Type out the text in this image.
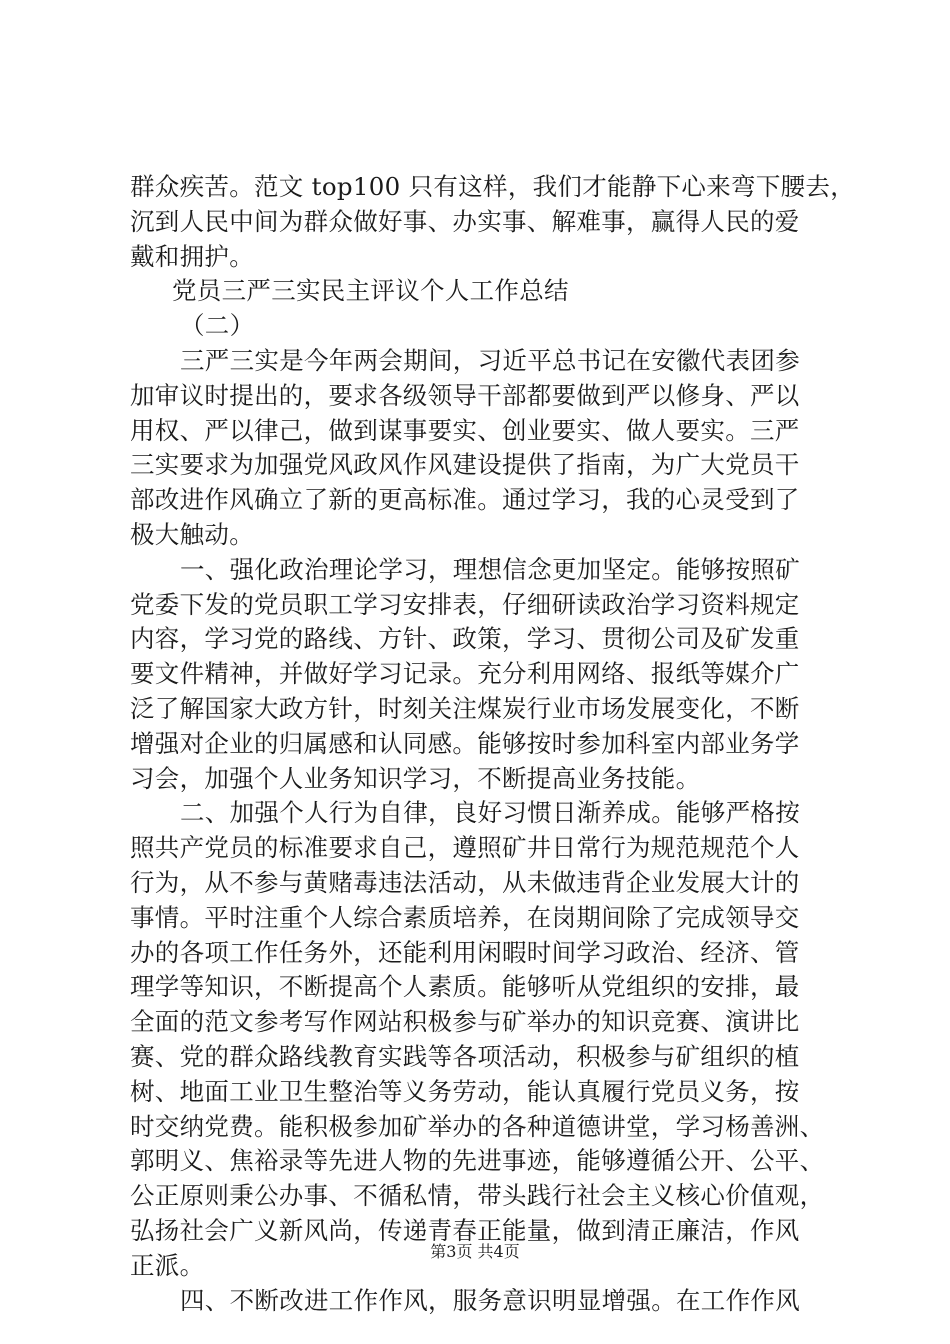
群众疾苦。范文 top100 只有这样，我们才能静下心来弯下腰去，
沉到人民中间为群众做好事、办实事、解难事，赢得人民的爱
戴和拥护。
党员三严三实民主评议个人工作总结
（二）
三严三实是今年两会期间，习近平总书记在安徽代表团参
加审议时提出的，要求各级领导干部都要做到严以修身、严以
用权、严以律己，做到谋事要实、创业要实、做人要实。三严
三实要求为加强党风政风作风建设提供了指南，为广大党员干
部改进作风确立了新的更高标准。通过学习，我的心灵受到了
极大触动。
一、强化政治理论学习，理想信念更加坚定。能够按照矿
党委下发的党员职工学习安排表，仔细研读政治学习资料规定
内容，学习党的路线、方针、政策，学习、贯彻公司及矿发重
要文件精神，并做好学习记录。充分利用网络、报纸等媒介广
泛了解国家大政方针，时刻关注煤炭行业市场发展变化，不断
增强对企业的归属感和认同感。能够按时参加科室内部业务学
习会，加强个人业务知识学习，不断提高业务技能。
二、加强个人行为自律，良好习惯日渐养成。能够严格按
照共产党员的标准要求自己，遵照矿井日常行为规范规范个人
行为，从不参与黄赌毒违法活动，从未做违背企业发展大计的
事情。平时注重个人综合素质培养，在岗期间除了完成领导交
办的各项工作任务外，还能利用闲暇时间学习政治、经济、管
理学等知识，不断提高个人素质。能够听从党组织的安排，最
全面的范文参考写作网站积极参与矿举办的知识竞赛、演讲比
赛、党的群众路线教育实践等各项活动，积极参与矿组织的植
树、地面工业卫生整治等义务劳动，能认真履行党员义务，按
时交纳党费。能积极参加矿举办的各种道德讲堂，学习杨善洲、
郭明义、焦裕录等先进人物的先进事迹，能够遵循公开、公平、
公正原则秉公办事、不循私情，带头践行社会主义核心价值观，
弘扬社会广义新风尚，传递青春正能量，做到清正廉洁，作风
正派。
四、不断改进工作作风，服务意识明显增强。在工作作风
第3页 共4页
